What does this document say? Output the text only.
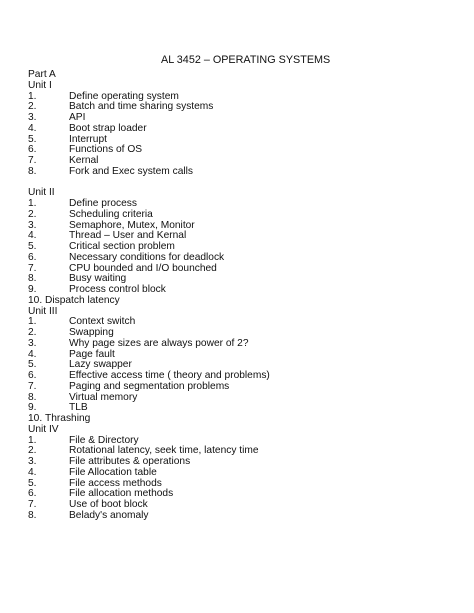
AL 3452 – OPERATING SYSTEMS
Part A
Unit I
1.	Define operating system
2.	Batch and time sharing systems
3.	API
4.	Boot strap loader
5.	Interrupt
6.	Functions of OS
7.	Kernal
8.	Fork and Exec system calls
Unit II
1.	Define process
2.	Scheduling criteria
3.	Semaphore, Mutex, Monitor
4.	Thread – User and Kernal
5.	Critical section problem
6.	Necessary conditions for deadlock
7.	CPU bounded and I/O bounched
8.	Busy waiting
9.	Process control block
10. Dispatch latency
Unit III
1.	Context switch
2.	Swapping
3.	Why page sizes are always power of 2?
4.	Page fault
5.	Lazy swapper
6.	Effective access time ( theory and problems)
7.	Paging and segmentation problems
8.	Virtual memory
9.	TLB
10. Thrashing
Unit IV
1.	File & Directory
2.	Rotational latency, seek time, latency time
3.	File attributes & operations
4.	File Allocation table
5.	File access methods
6.	File allocation methods
7.	Use of boot block
8.	Belady's anomaly
